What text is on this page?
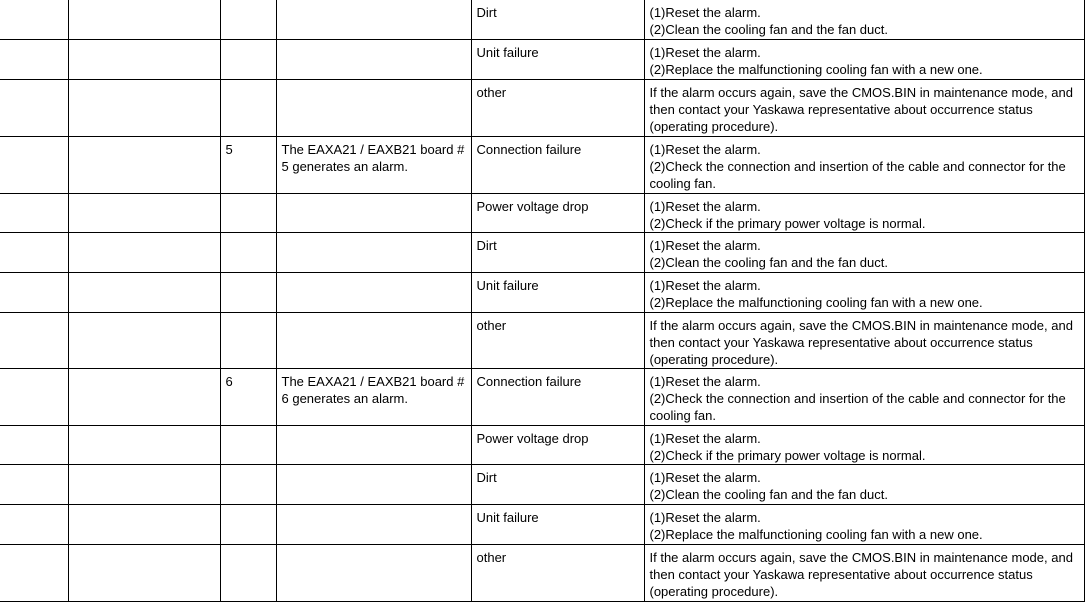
				Dirt	(1)Reset the alarm.
(2)Clean the cooling fan and the fan duct.
				Unit failure	(1)Reset the alarm.
(2)Replace the malfunctioning cooling fan with a new one.
				other	If the alarm occurs again, save the CMOS.BIN in maintenance mode, and then contact your Yaskawa representative about occurrence status (operating procedure).
		5	The EAXA21 / EAXB21 board # 5 generates an alarm.	Connection failure	(1)Reset the alarm.
(2)Check the connection and insertion of the cable and connector for the cooling fan.
				Power voltage drop	(1)Reset the alarm.
(2)Check if the primary power voltage is normal.
				Dirt	(1)Reset the alarm.
(2)Clean the cooling fan and the fan duct.
				Unit failure	(1)Reset the alarm.
(2)Replace the malfunctioning cooling fan with a new one.
				other	If the alarm occurs again, save the CMOS.BIN in maintenance mode, and then contact your Yaskawa representative about occurrence status (operating procedure).
		6	The EAXA21 / EAXB21 board # 6 generates an alarm.	Connection failure	(1)Reset the alarm.
(2)Check the connection and insertion of the cable and connector for the cooling fan.
				Power voltage drop	(1)Reset the alarm.
(2)Check if the primary power voltage is normal.
				Dirt	(1)Reset the alarm.
(2)Clean the cooling fan and the fan duct.
				Unit failure	(1)Reset the alarm.
(2)Replace the malfunctioning cooling fan with a new one.
				other	If the alarm occurs again, save the CMOS.BIN in maintenance mode, and then contact your Yaskawa representative about occurrence status (operating procedure).
